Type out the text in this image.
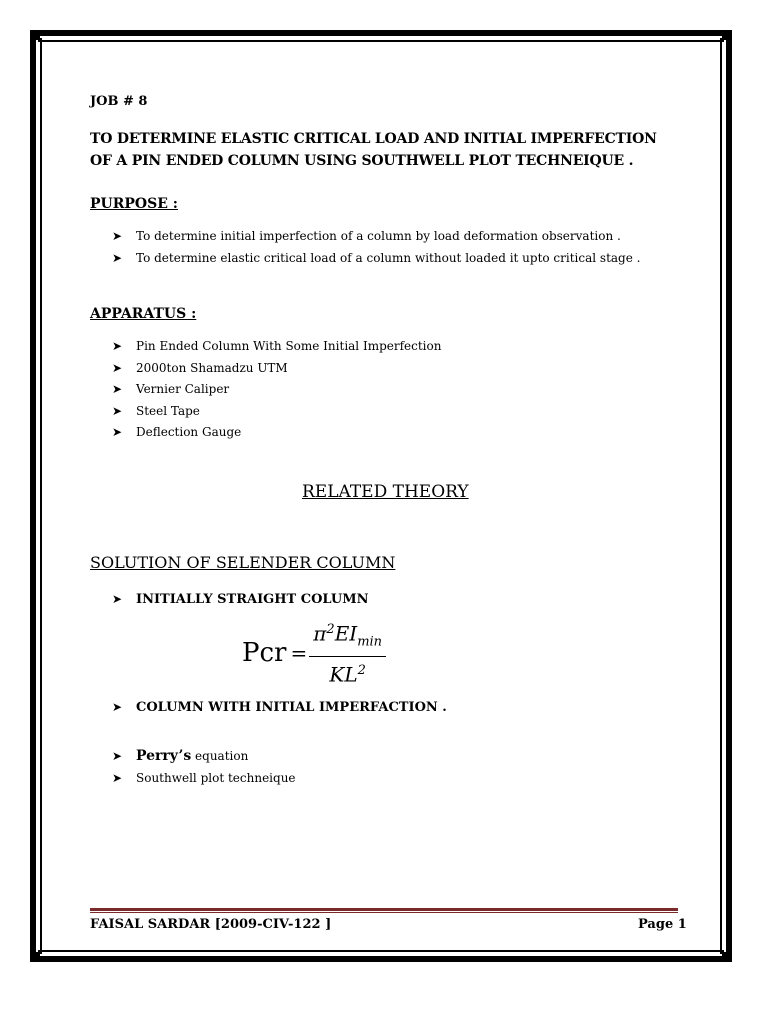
JOB # 8
TO DETERMINE ELASTIC CRITICAL LOAD AND INITIAL IMPERFECTION OF A PIN ENDED COLUMN USING SOUTHWELL PLOT TECHNEIQUE .
PURPOSE :
➤ To determine initial imperfection of a column by load deformation observation .
➤ To determine elastic critical load of a column without loaded it upto critical stage .
APPARATUS :
➤ Pin Ended Column With Some Initial Imperfection
➤ 2000ton Shamadzu UTM
➤ Vernier Caliper
➤ Steel Tape
➤ Deflection Gauge
RELATED THEORY
SOLUTION OF SELENDER COLUMN
➤ INITIALLY STRAIGHT COLUMN
Pcr = $\frac{\pi^2EI_{min}}{KL^2}$
➤ COLUMN WITH INITIAL IMPERFACTION .
➤ Perry’s equation
➤ Southwell plot techneique
FAISAL SARDAR [2009-CIV-122 ]	Page 1
